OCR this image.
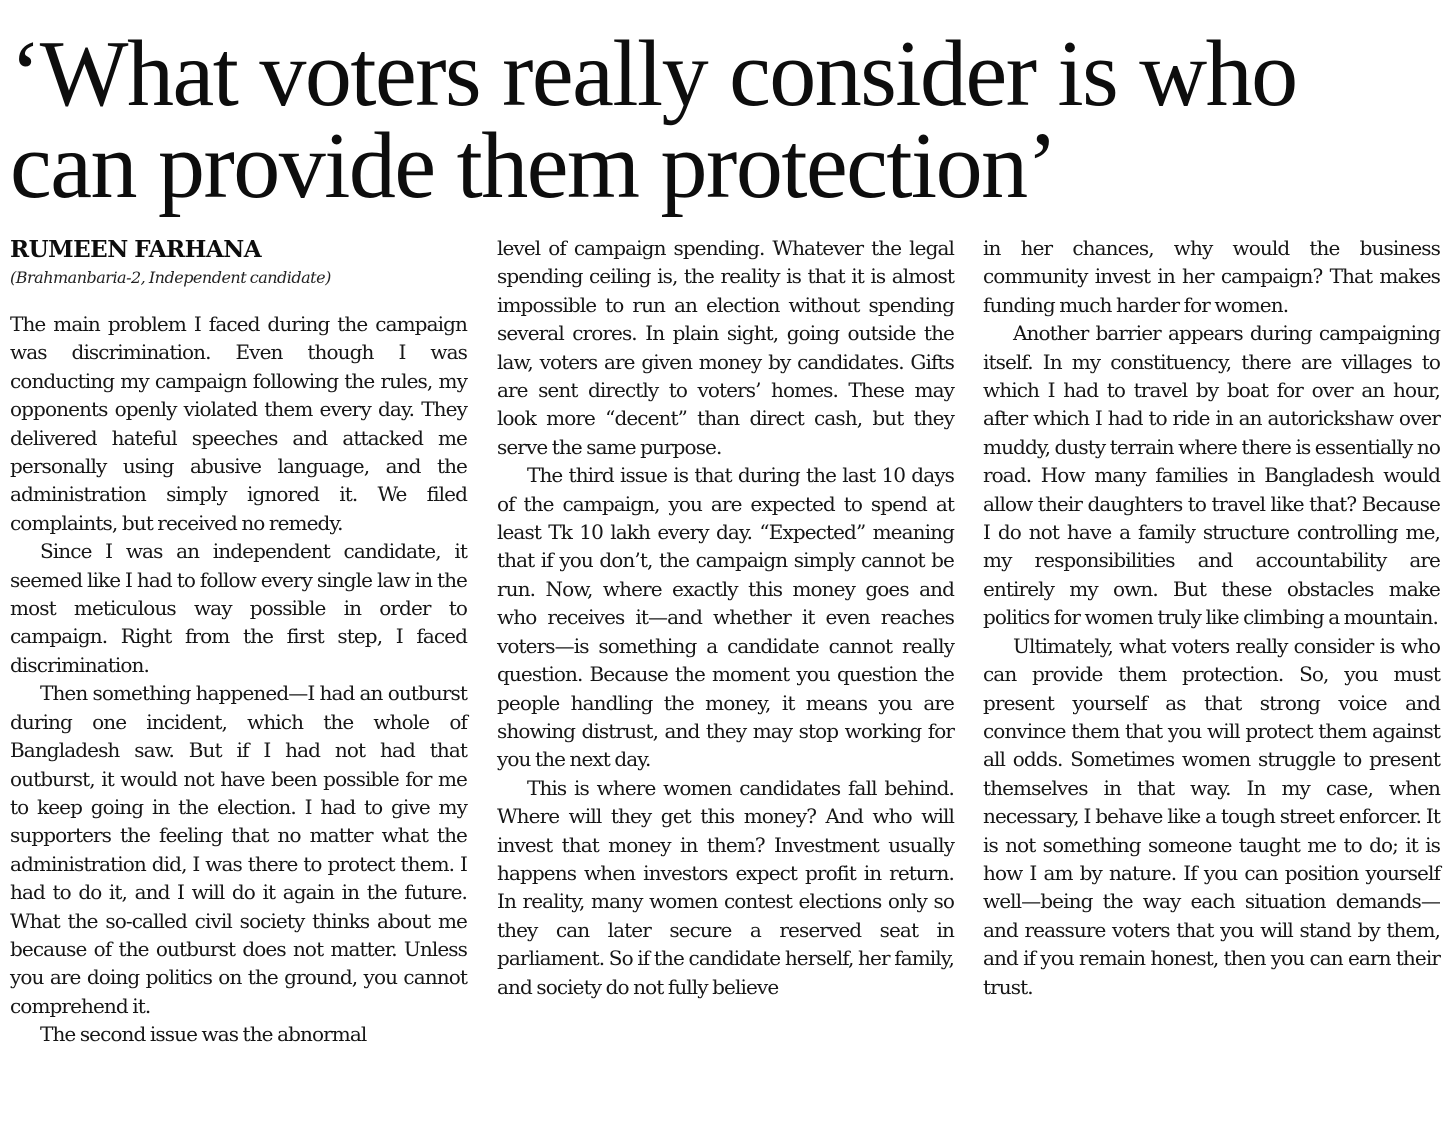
‘What voters really consider is who can provide them protection’

RUMEEN FARHANA

(Brahmanbaria-2, Independent candidate)

The main problem I faced during the campaign was discrimination. Even though I was conducting my campaign following the rules, my opponents openly violated them every day. They delivered hateful speeches and attacked me personally using abusive language, and the administration simply ignored it. We filed complaints, but received no remedy.

Since I was an independent candidate, it seemed like I had to follow every single law in the most meticulous way possible in order to campaign. Right from the first step, I faced discrimination.

Then something happened—I had an outburst during one incident, which the whole of Bangladesh saw. But if I had not had that outburst, it would not have been possible for me to keep going in the election. I had to give my supporters the feeling that no matter what the administration did, I was there to protect them. I had to do it, and I will do it again in the future. What the so-called civil society thinks about me because of the outburst does not matter. Unless you are doing politics on the ground, you cannot comprehend it.

The second issue was the abnormal

level of campaign spending. Whatever the legal spending ceiling is, the reality is that it is almost impossible to run an election without spending several crores. In plain sight, going outside the law, voters are given money by candidates. Gifts are sent directly to voters’ homes. These may look more “decent” than direct cash, but they serve the same purpose.

The third issue is that during the last 10 days of the campaign, you are expected to spend at least Tk 10 lakh every day. “Expected” meaning that if you don’t, the campaign simply cannot be run. Now, where exactly this money goes and who receives it—and whether it even reaches voters—is something a candidate cannot really question. Because the moment you question the people handling the money, it means you are showing distrust, and they may stop working for you the next day.

This is where women candidates fall behind. Where will they get this money? And who will invest that money in them? Investment usually happens when investors expect profit in return. In reality, many women contest elections only so they can later secure a reserved seat in parliament. So if the candidate herself, her family, and society do not fully believe

in her chances, why would the business community invest in her campaign? That makes funding much harder for women.

Another barrier appears during campaigning itself. In my constituency, there are villages to which I had to travel by boat for over an hour, after which I had to ride in an autorickshaw over muddy, dusty terrain where there is essentially no road. How many families in Bangladesh would allow their daughters to travel like that? Because I do not have a family structure controlling me, my responsibilities and accountability are entirely my own. But these obstacles make politics for women truly like climbing a mountain.

Ultimately, what voters really consider is who can provide them protection. So, you must present yourself as that strong voice and convince them that you will protect them against all odds. Sometimes women struggle to present themselves in that way. In my case, when necessary, I behave like a tough street enforcer. It is not something someone taught me to do; it is how I am by nature. If you can position yourself well—being the way each situation demands—and reassure voters that you will stand by them, and if you remain honest, then you can earn their trust.
